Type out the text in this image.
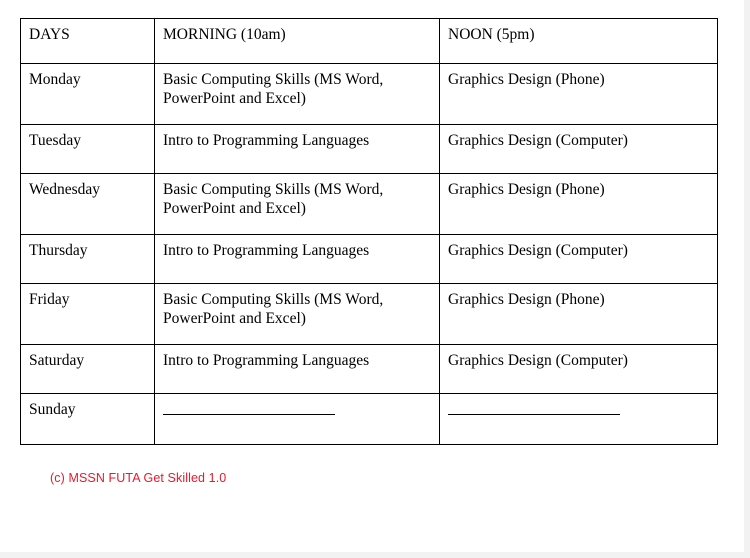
DAYS	MORNING (10am)	NOON (5pm)
Monday	Basic Computing Skills (MS Word, PowerPoint and Excel)	Graphics Design (Phone)
Tuesday	Intro to Programming Languages	Graphics Design (Computer)
Wednesday	Basic Computing Skills (MS Word, PowerPoint and Excel)	Graphics Design (Phone)
Thursday	Intro to Programming Languages	Graphics Design (Computer)
Friday	Basic Computing Skills (MS Word, PowerPoint and Excel)	Graphics Design (Phone)
Saturday	Intro to Programming Languages	Graphics Design (Computer)
Sunday		
(c) MSSN FUTA Get Skilled 1.0
